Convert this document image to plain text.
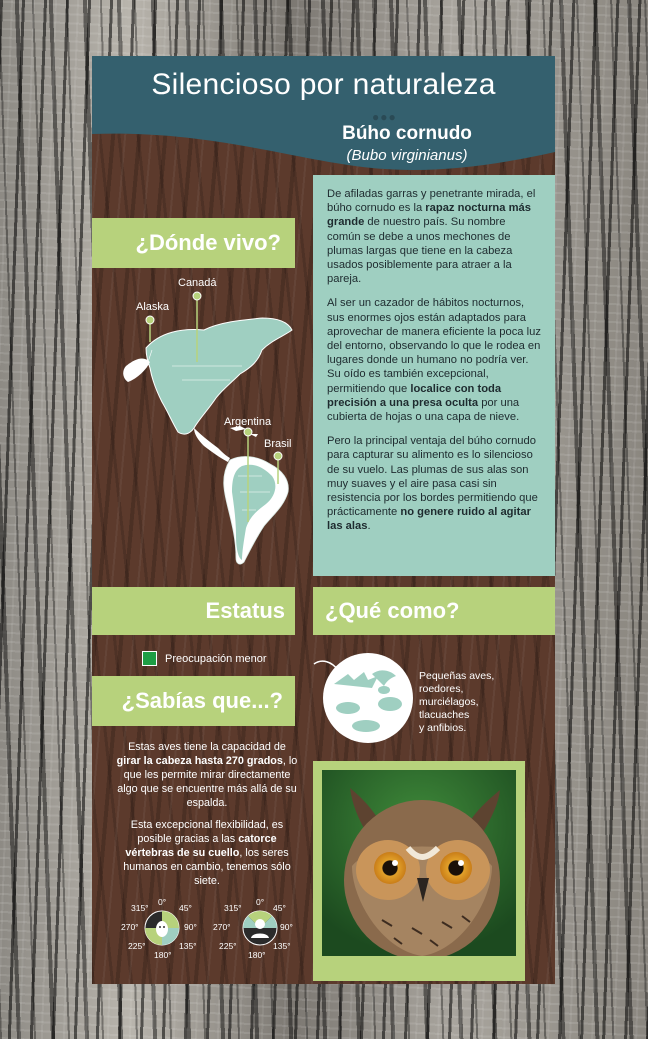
Silencioso por naturaleza
●●●
Búho cornudo
(Bubo virginianus)
¿Dónde vivo?
Canadá
Alaska
Argentina
Brasil

De afiladas garras y penetrante mirada, el búho cornudo es la rapaz nocturna más grande de nuestro país. Su nombre común se debe a unos mechones de plumas largas que tiene en la cabeza usados posiblemente para atraer a la pareja.

Al ser un cazador de hábitos nocturnos, sus enormes ojos están adaptados para aprovechar de manera eficiente la poca luz del entorno, observando lo que le rodea en lugares donde un humano no podría ver. Su oído es también excepcional, permitiendo que localice con toda precisión a una presa oculta por una cubierta de hojas o una capa de nieve.

Pero la principal ventaja del búho cornudo para capturar su alimento es lo silencioso de su vuelo. Las plumas de sus alas son muy suaves y el aire pasa casi sin resistencia por los bordes permitiendo que prácticamente no genere ruido al agitar las alas.

Estatus
Preocupación menor
¿Qué como?
Pequeñas aves,
roedores,
murciélagos,
tlacuaches
y anfibios.
¿Sabías que...?
Estas aves tiene la capacidad de girar la cabeza hasta 270 grados, lo que les permite mirar directamente algo que se encuentre más allá de su espalda.
Esta excepcional flexibilidad, es posible gracias a las catorce vértebras de su cuello, los seres humanos en cambio, tenemos sólo siete.
0°
45°
90°
135°
180°
225°
270°
315°
0°
45°
90°
135°
180°
225°
270°
315°
